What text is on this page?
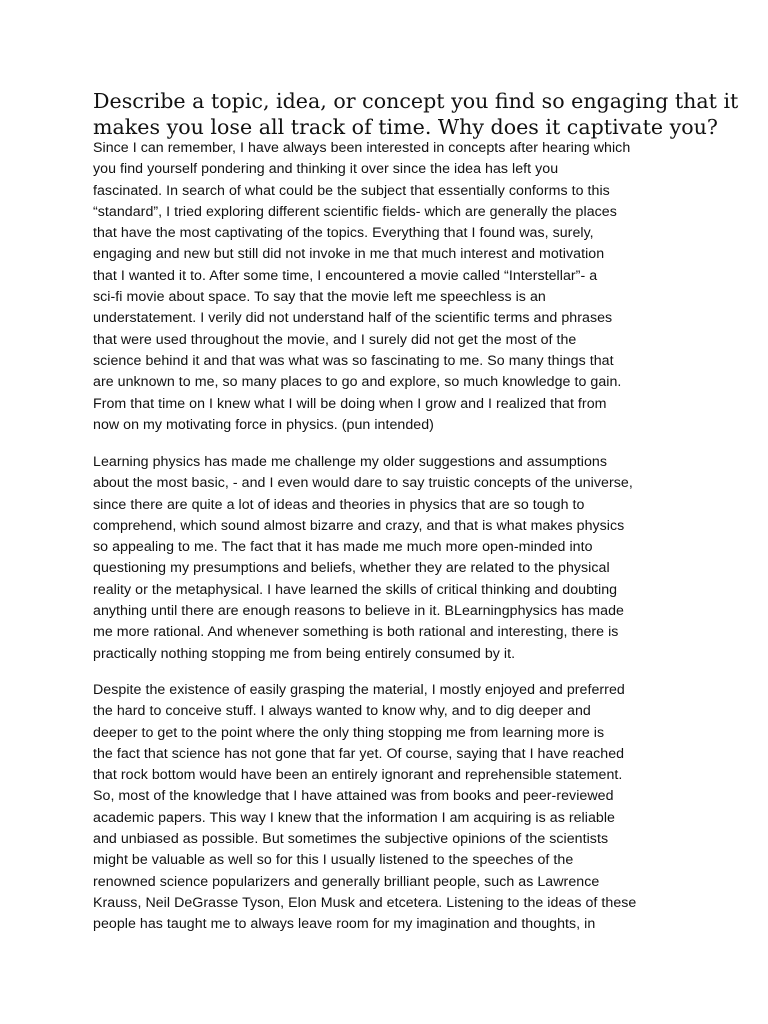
Describe a topic, idea, or concept you find so engaging that it
makes you lose all track of time. Why does it captivate you?

Since I can remember, I have always been interested in concepts after hearing which
you find yourself pondering and thinking it over since the idea has left you
fascinated. In search of what could be the subject that essentially conforms to this
“standard”, I tried exploring different scientific fields- which are generally the places
that have the most captivating of the topics. Everything that I found was, surely,
engaging and new but still did not invoke in me that much interest and motivation
that I wanted it to. After some time, I encountered a movie called “Interstellar”- a
sci-fi movie about space. To say that the movie left me speechless is an
understatement. I verily did not understand half of the scientific terms and phrases
that were used throughout the movie, and I surely did not get the most of the
science behind it and that was what was so fascinating to me. So many things that
are unknown to me, so many places to go and explore, so much knowledge to gain.
From that time on I knew what I will be doing when I grow and I realized that from
now on my motivating force in physics. (pun intended)

Learning physics has made me challenge my older suggestions and assumptions
about the most basic, - and I even would dare to say truistic concepts of the universe,
since there are quite a lot of ideas and theories in physics that are so tough to
comprehend, which sound almost bizarre and crazy, and that is what makes physics
so appealing to me. The fact that it has made me much more open-minded into
questioning my presumptions and beliefs, whether they are related to the physical
reality or the metaphysical. I have learned the skills of critical thinking and doubting
anything until there are enough reasons to believe in it. BLearningphysics has made
me more rational. And whenever something is both rational and interesting, there is
practically nothing stopping me from being entirely consumed by it.

Despite the existence of easily grasping the material, I mostly enjoyed and preferred
the hard to conceive stuff. I always wanted to know why, and to dig deeper and
deeper to get to the point where the only thing stopping me from learning more is
the fact that science has not gone that far yet. Of course, saying that I have reached
that rock bottom would have been an entirely ignorant and reprehensible statement.
So, most of the knowledge that I have attained was from books and peer-reviewed
academic papers. This way I knew that the information I am acquiring is as reliable
and unbiased as possible. But sometimes the subjective opinions of the scientists
might be valuable as well so for this I usually listened to the speeches of the
renowned science popularizers and generally brilliant people, such as Lawrence
Krauss, Neil DeGrasse Tyson, Elon Musk and etcetera. Listening to the ideas of these
people has taught me to always leave room for my imagination and thoughts, in
